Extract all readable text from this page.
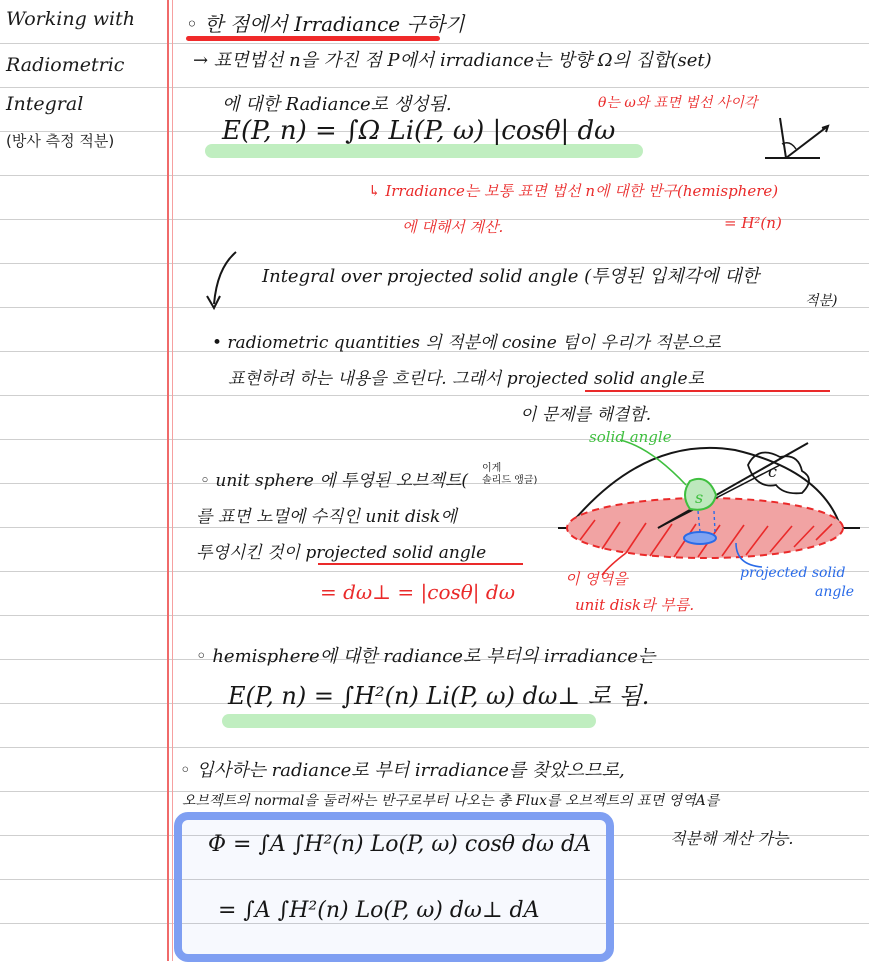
Working with
Radiometric
Integral
(방사 측정 적분)
◦ 한 점에서 Irradiance 구하기
→ 표면법선 n을 가진 점 P에서 irradiance는 방향 Ω의 집합(set)
에 대한 Radiance로 생성됨.	θ는 ω와 표면 법선 사이각
E(P, n) = ∫Ω Li(P, ω) |cosθ| dω
↳ Irradiance는 보통 표면 법선 n에 대한 반구(hemisphere)
에 대해서 계산.	= H²(n)
Integral over projected solid angle (투영된 입체각에 대한
적분)
• radiometric quantities 의 적분에 cosine 텀이 우리가 적분으로
표현하려 하는 내용을 흐린다. 그래서 projected solid angle로
이 문제를 해결함.
s
c
solid angle
◦ unit sphere 에 투영된 오브젝트(
이게
솔리드 앵글)
를 표면 노멀에 수직인 unit disk에
투영시킨 것이 projected solid angle
= dω⊥ = |cosθ| dω
이 영역을
unit disk라 부름.
projected solid
angle
◦ hemisphere에 대한 radiance로 부터의 irradiance는
E(P, n) = ∫H²(n) Li(P, ω) dω⊥ 로 됨.
◦ 입사하는 radiance로 부터 irradiance를 찾았으므로,
오브젝트의 normal을 둘러싸는 반구로부터 나오는 총 Flux를 오브젝트의 표면 영역A를
적분해 계산 가능.
Φ = ∫A ∫H²(n) Lo(P, ω) cosθ dω dA
= ∫A ∫H²(n) Lo(P, ω) dω⊥ dA
